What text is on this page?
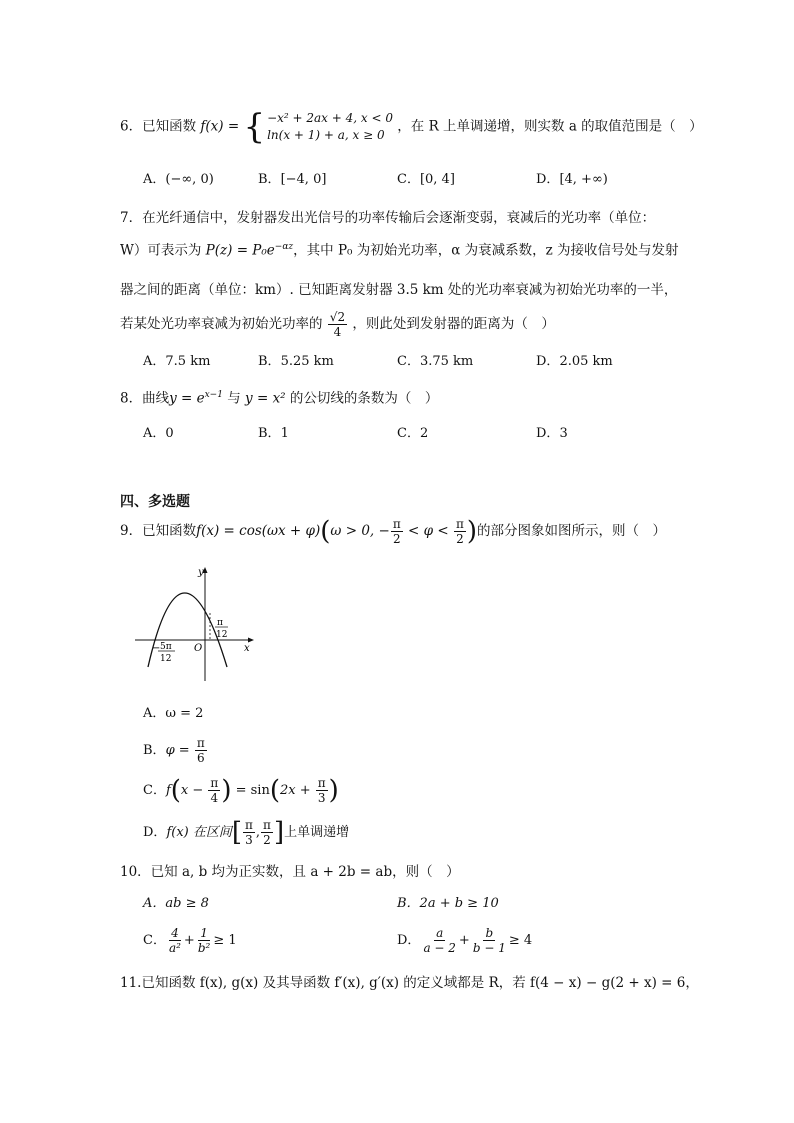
6．已知函数 f(x) = { −x² + 2ax + 4, x < 0
ln(x + 1) + a, x ≥ 0
，在 R 上单调递增，则实数 a 的取值范围是（　）
A．(−∞, 0)	B．[−4, 0]	C．[0, 4]	D．[4, +∞)
7．在光纤通信中，发射器发出光信号的功率传输后会逐渐变弱，衰减后的光功率（单位：
W）可表示为 $P(z) = P_0e^{-\alpha z}$，其中 P₀ 为初始光功率，α 为衰减系数，z 为接收信号处与发射
器之间的距离（单位：km）. 已知距离发射器 3.5 km 处的光功率衰减为初始光功率的一半，
若某处光功率衰减为初始光功率的 $\frac{√2}{4}$ ，则此处到发射器的距离为（　）
A．7.5 km	B．5.25 km	C．3.75 km	D．2.05 km
8．曲线$y = e^{x-1}$ 与 y = x² 的公切线的条数为（　）
A．0	B．1	C．2	D．3
四、多选题
9．已知函数f(x) = cos(ωx + φ)(ω > 0, − $\frac{\pi}{2} < \varphi < \frac{\pi}{2}$ )的部分图象如图所示，则（　）
y
x
O
π
12
− 5π
12
A．ω = 2
B．$\varphi = \frac{\pi}{6}$
C．$f(x - \frac{\pi}{4}$ ) = $\sin(2x + \frac{\pi}{3}$ )
D．f(x) 在区间[ $\frac{\pi}{3}$ , $\frac{\pi}{2}$ ]上单调递增
10．已知 a, b 均为正实数，且 a + 2b = ab，则（　）
A．ab ≥ 8	B．2a + b ≥ 10
C． $\frac{4}{\text{a²}} + \frac{1}{\text{b²}} \ge 1$	D． $\frac{a}{a - 2} + \frac{b}{b - 1} \ge 4$
11.已知函数 f(x), g(x) 及其导函数 f′(x), g′(x) 的定义域都是 R，若 f(4 − x) − g(2 + x) = 6，
